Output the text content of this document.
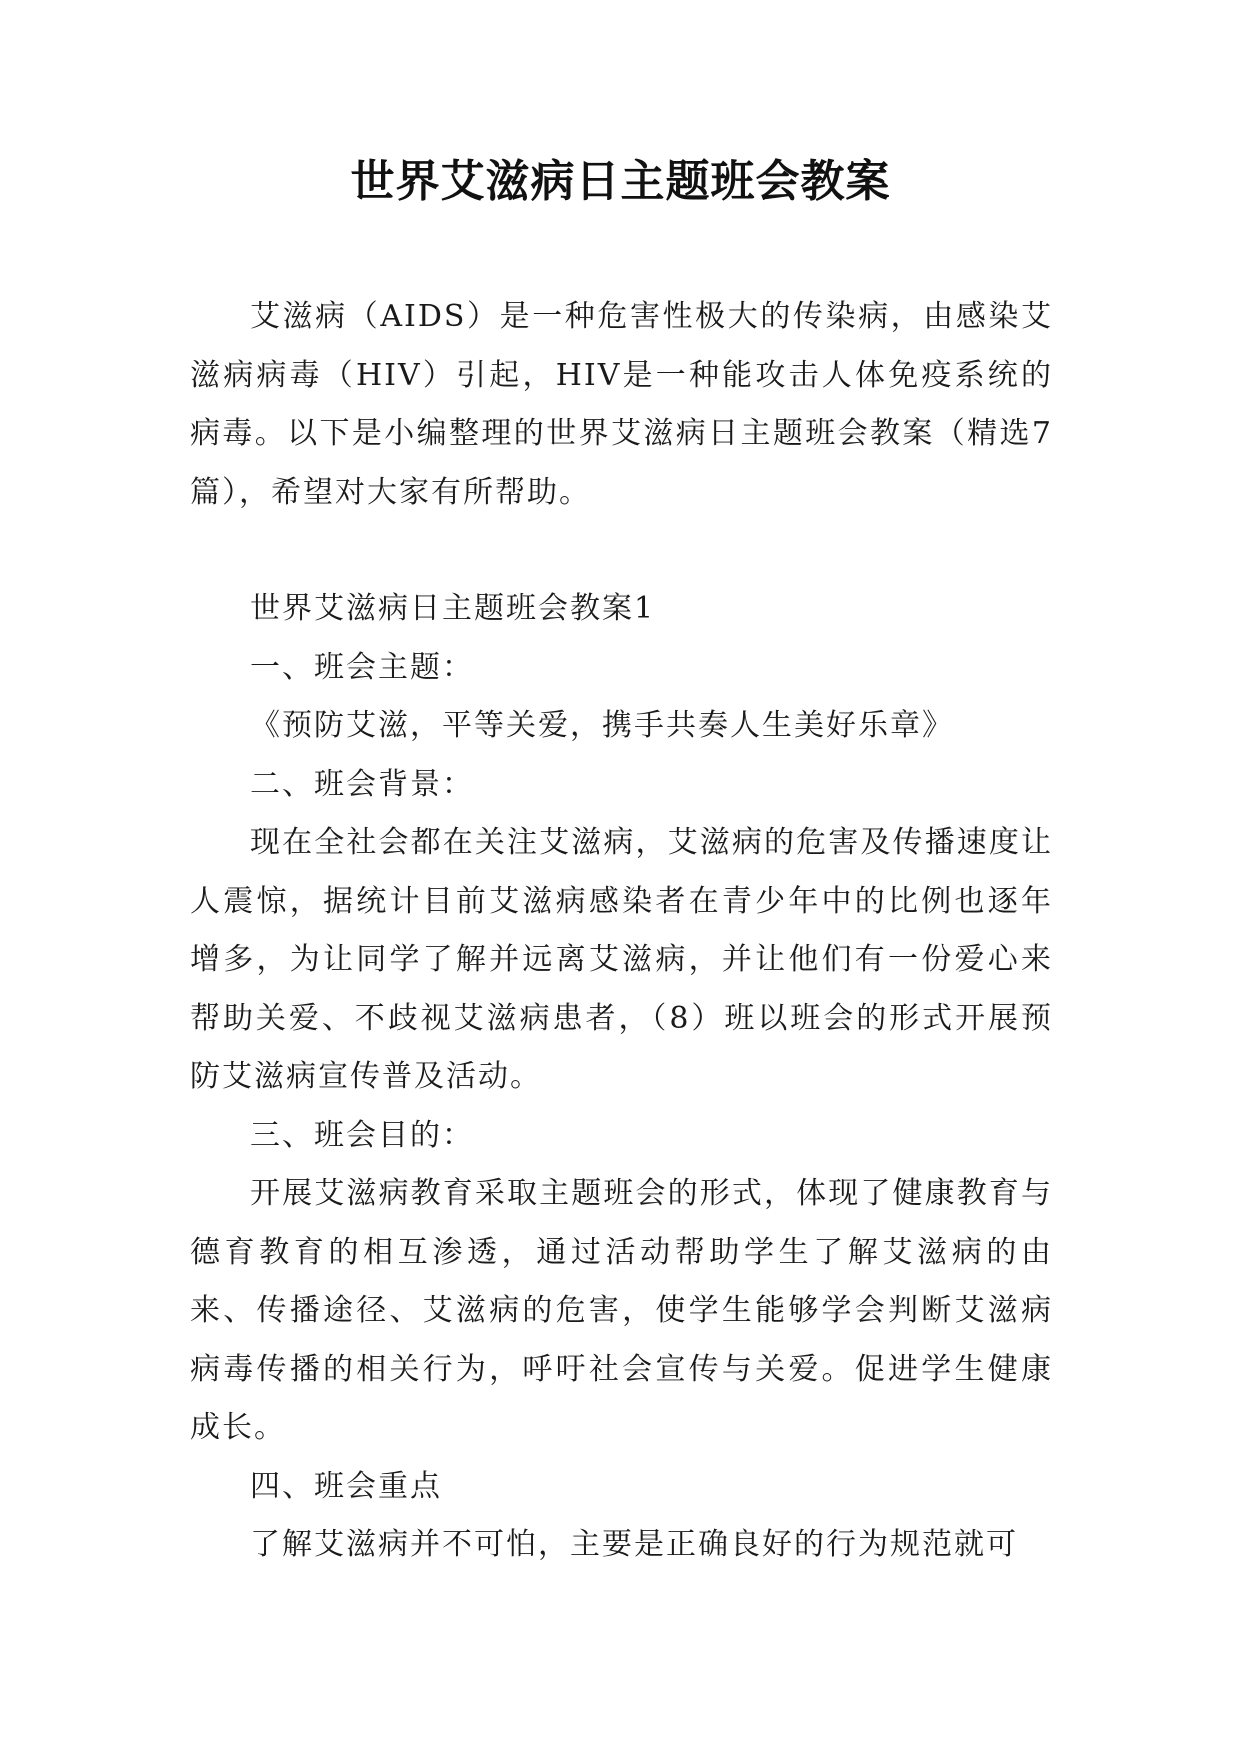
世界艾滋病日主题班会教案

艾滋病（AIDS）是一种危害性极大的传染病，由感染艾滋病病毒（HIV）引起，HIV是一种能攻击人体免疫系统的病毒。以下是小编整理的世界艾滋病日主题班会教案（精选7篇），希望对大家有所帮助。

世界艾滋病日主题班会教案1

一、班会主题：

《预防艾滋，平等关爱，携手共奏人生美好乐章》

二、班会背景：

现在全社会都在关注艾滋病，艾滋病的危害及传播速度让人震惊，据统计目前艾滋病感染者在青少年中的比例也逐年增多，为让同学了解并远离艾滋病，并让他们有一份爱心来帮助关爱、不歧视艾滋病患者，（8）班以班会的形式开展预防艾滋病宣传普及活动。

三、班会目的：

开展艾滋病教育采取主题班会的形式，体现了健康教育与德育教育的相互渗透，通过活动帮助学生了解艾滋病的由来、传播途径、艾滋病的危害，使学生能够学会判断艾滋病病毒传播的相关行为，呼吁社会宣传与关爱。促进学生健康成长。

四、班会重点

了解艾滋病并不可怕，主要是正确良好的行为规范就可
